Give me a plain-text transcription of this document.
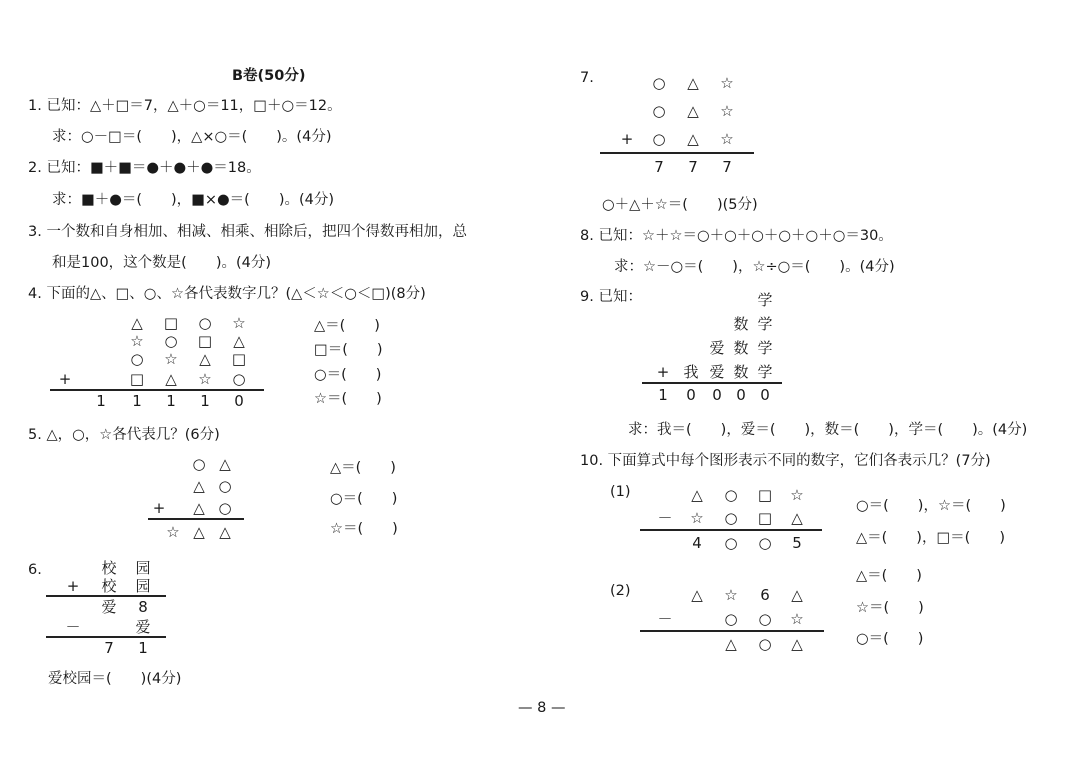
B卷(50分)
1. 已知：△＋□＝7，△＋○＝11，□＋○＝12。
求：○－□＝(　　)，△×○＝(　　)。(4分)
2. 已知：■＋■＝●＋●＋●＝18。
求：■＋●＝(　　)，■×●＝(　　)。(4分)
3. 一个数和自身相加、相减、相乘、相除后，把四个得数再相加，总
和是100，这个数是(　　)。(4分)
4. 下面的△、□、○、☆各代表数字几？(△＜☆＜○＜□)(8分)
△	□	○	☆
☆	○	□	△
○	☆	△	□
+	□	△	☆	○
1	1	1	1	0
△＝(　　)
□＝(　　)
○＝(　　)
☆＝(　　)
5. △，○，☆各代表几？(6分)
○ △
△ ○
+	△ ○
☆ △ △
△＝(　　)
○＝(　　)
☆＝(　　)
6.	校	园
+	校	园
爱	8
－	爱
7	1
爱校园＝(　　)(4分)
— 8 —
7.	○	△	☆
○	△	☆
+	○	△	☆
7	7	7
○＋△＋☆＝(　　)(5分)
8. 已知：☆＋☆＝○＋○＋○＋○＋○＋○＝30。
求：☆－○＝(　　)，☆÷○＝(　　)。(4分)
9. 已知：	学
数 学
爱 数 学
+ 我 爱 数 学
1	0	0 0 0
求：我＝(　　)，爱＝(　　)，数＝(　　)，学＝(　　)。(4分)
10. 下面算式中每个图形表示不同的数字，它们各表示几？(7分)
(1)	△	○	□	☆
－	☆	○	□	△
4	○	○	5
○＝(　　)，☆＝(　　)
△＝(　　)，□＝(　　)
(2)	△	☆	6	△
－	○	○	☆
△	○	△
△＝(　　)
☆＝(　　)
○＝(　　)
